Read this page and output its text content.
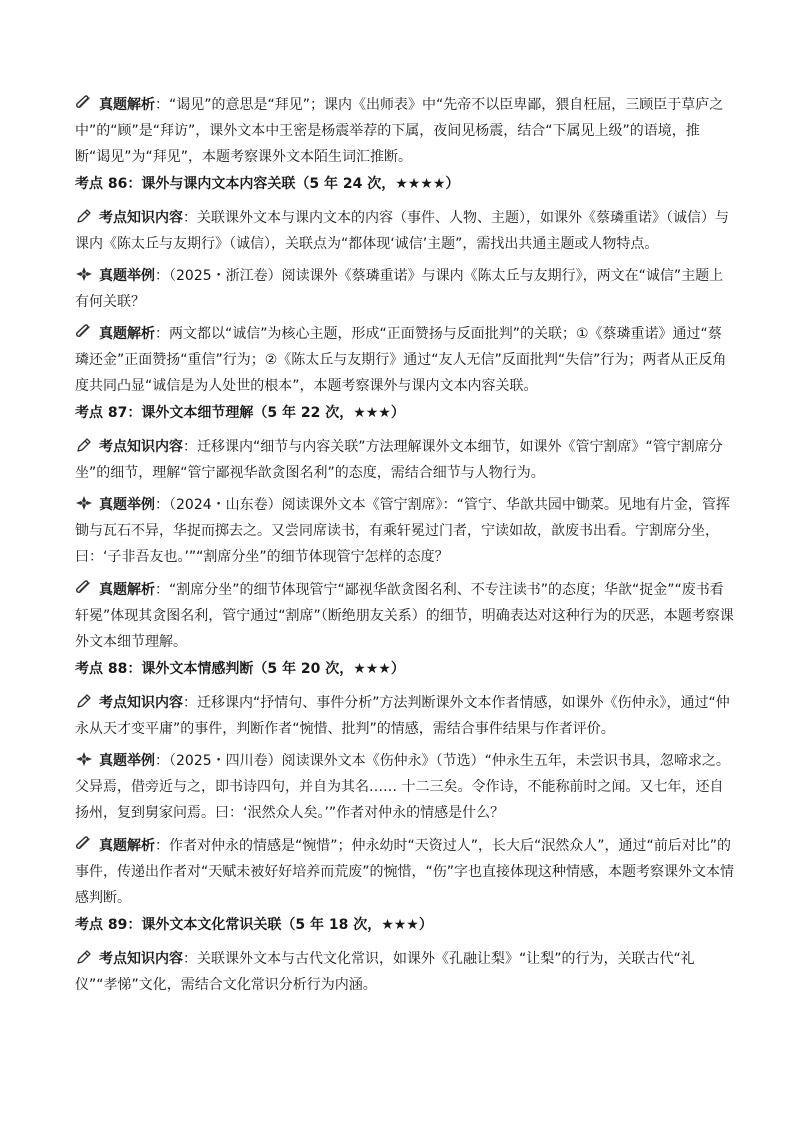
真题解析：“谒见”的意思是“拜见”；课内《出师表》中“先帝不以臣卑鄙，猥自枉屈，三顾臣于草庐之中”的“顾”是“拜访”，课外文本中王密是杨震举荐的下属，夜间见杨震，结合“下属见上级”的语境，推断“谒见”为“拜见”，本题考察课外文本陌生词汇推断。
考点 86：课外与课内文本内容关联（5 年 24 次，★★★★）
考点知识内容：关联课外文本与课内文本的内容（事件、人物、主题），如课外《蔡璘重诺》（诚信）与课内《陈太丘与友期行》（诚信），关联点为“都体现‘诚信’主题”，需找出共通主题或人物特点。
真题举例：（2025・浙江卷）阅读课外《蔡璘重诺》与课内《陈太丘与友期行》，两文在“诚信”主题上有何关联？
真题解析：两文都以“诚信”为核心主题，形成“正面赞扬与反面批判”的关联；①《蔡璘重诺》通过“蔡璘还金”正面赞扬“重信”行为；②《陈太丘与友期行》通过“友人无信”反面批判“失信”行为；两者从正反角度共同凸显“诚信是为人处世的根本”，本题考察课外与课内文本内容关联。
考点 87：课外文本细节理解（5 年 22 次，★★★）
考点知识内容：迁移课内“细节与内容关联”方法理解课外文本细节，如课外《管宁割席》“管宁割席分坐”的细节，理解“管宁鄙视华歆贪图名利”的态度，需结合细节与人物行为。
真题举例：（2024・山东卷）阅读课外文本《管宁割席》：“管宁、华歆共园中锄菜。见地有片金，管挥锄与瓦石不异，华捉而掷去之。又尝同席读书，有乘轩冕过门者，宁读如故，歆废书出看。宁割席分坐，曰：‘子非吾友也。’”“割席分坐”的细节体现管宁怎样的态度？
真题解析：“割席分坐”的细节体现管宁“鄙视华歆贪图名利、不专注读书”的态度；华歆“捉金”“废书看轩冕”体现其贪图名利，管宁通过“割席”（断绝朋友关系）的细节，明确表达对这种行为的厌恶，本题考察课外文本细节理解。
考点 88：课外文本情感判断（5 年 20 次，★★★）
考点知识内容：迁移课内“抒情句、事件分析”方法判断课外文本作者情感，如课外《伤仲永》，通过“仲永从天才变平庸”的事件，判断作者“惋惜、批判”的情感，需结合事件结果与作者评价。
真题举例：（2025・四川卷）阅读课外文本《伤仲永》（节选）“仲永生五年，未尝识书具，忽啼求之。父异焉，借旁近与之，即书诗四句，并自为其名…… 十二三矣。令作诗，不能称前时之闻。又七年，还自扬州，复到舅家问焉。曰：‘泯然众人矣。’”作者对仲永的情感是什么？
真题解析：作者对仲永的情感是“惋惜”；仲永幼时“天资过人”，长大后“泯然众人”，通过“前后对比”的事件，传递出作者对“天赋未被好好培养而荒废”的惋惜，“伤”字也直接体现这种情感，本题考察课外文本情感判断。
考点 89：课外文本文化常识关联（5 年 18 次，★★★）
考点知识内容：关联课外文本与古代文化常识，如课外《孔融让梨》“让梨”的行为，关联古代“礼仪”“孝悌”文化，需结合文化常识分析行为内涵。
